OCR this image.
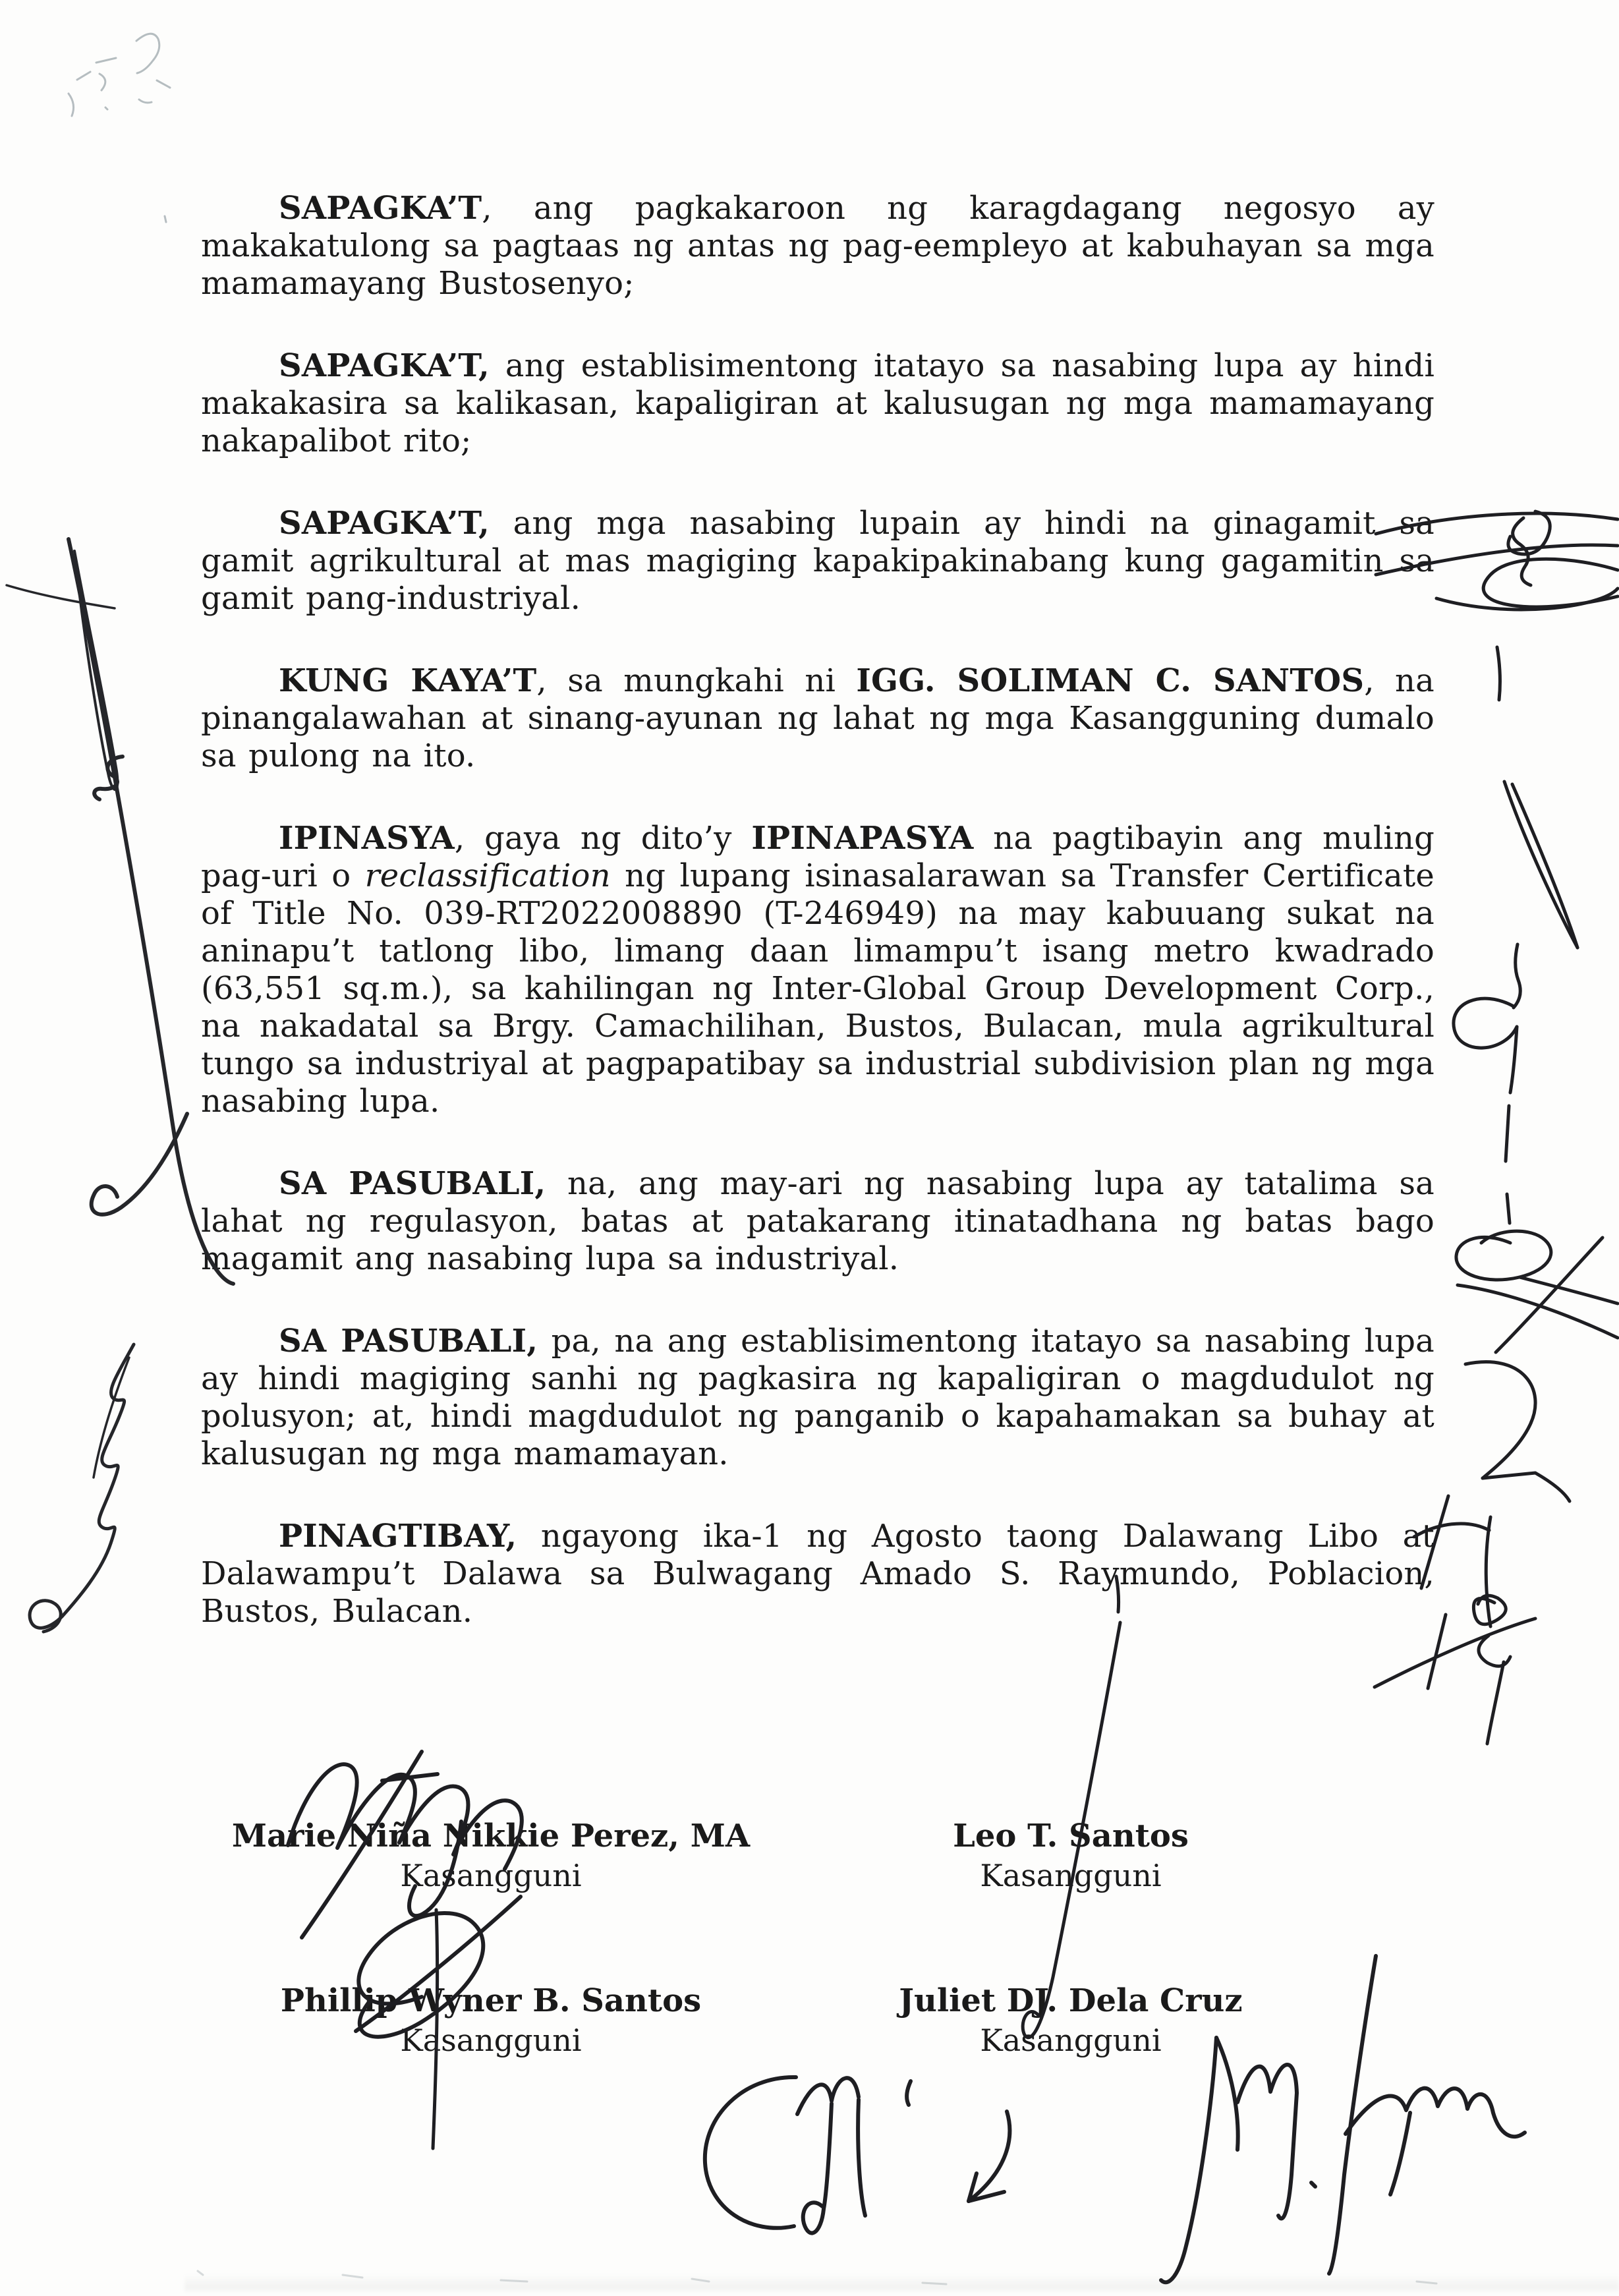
SAPAGKA’T, ang pagkakaroon ng karagdagang negosyo ay makakatulong sa pagtaas ng antas ng pag-eempleyo at kabuhayan sa mga mamamayang Bustosenyo;

SAPAGKA’T, ang establisimentong itatayo sa nasabing lupa ay hindi makakasira sa kalikasan, kapaligiran at kalusugan ng mga mamamayang nakapalibot rito;

SAPAGKA’T, ang mga nasabing lupain ay hindi na ginagamit sa gamit agrikultural at mas magiging kapakipakinabang kung gagamitin sa gamit pang-industriyal.

KUNG KAYA’T, sa mungkahi ni IGG. SOLIMAN C. SANTOS, na pinangalawahan at sinang-ayunan ng lahat ng mga Kasangguning dumalo sa pulong na ito.

IPINASYA, gaya ng dito’y IPINAPASYA na pagtibayin ang muling pag-uri o reclassification ng lupang isinasalarawan sa Transfer Certificate of Title No. 039-RT2022008890 (T-246949) na may kabuuang sukat na aninapu’t tatlong libo, limang daan limampu’t isang metro kwadrado (63,551 sq.m.), sa kahilingan ng Inter-Global Group Development Corp., na nakadatal sa Brgy. Camachilihan, Bustos, Bulacan, mula agrikultural tungo sa industriyal at pagpapatibay sa industrial subdivision plan ng mga nasabing lupa.

SA PASUBALI, na, ang may-ari ng nasabing lupa ay tatalima sa lahat ng regulasyon, batas at patakarang itinatadhana ng batas bago magamit ang nasabing lupa sa industriyal.

SA PASUBALI, pa, na ang establisimentong itatayo sa nasabing lupa ay hindi magiging sanhi ng pagkasira ng kapaligiran o magdudulot ng polusyon; at, hindi magdudulot ng panganib o kapahamakan sa buhay at kalusugan ng mga mamamayan.

PINAGTIBAY, ngayong ika-1 ng Agosto taong Dalawang Libo at Dalawampu’t Dalawa sa Bulwagang Amado S. Raymundo, Poblacion, Bustos, Bulacan.

Marie Niña Nikkie Perez, MA
Kasangguni
Leo T. Santos
Kasangguni
Phillip Wyner B. Santos
Kasangguni
Juliet DJ. Dela Cruz
Kasangguni
